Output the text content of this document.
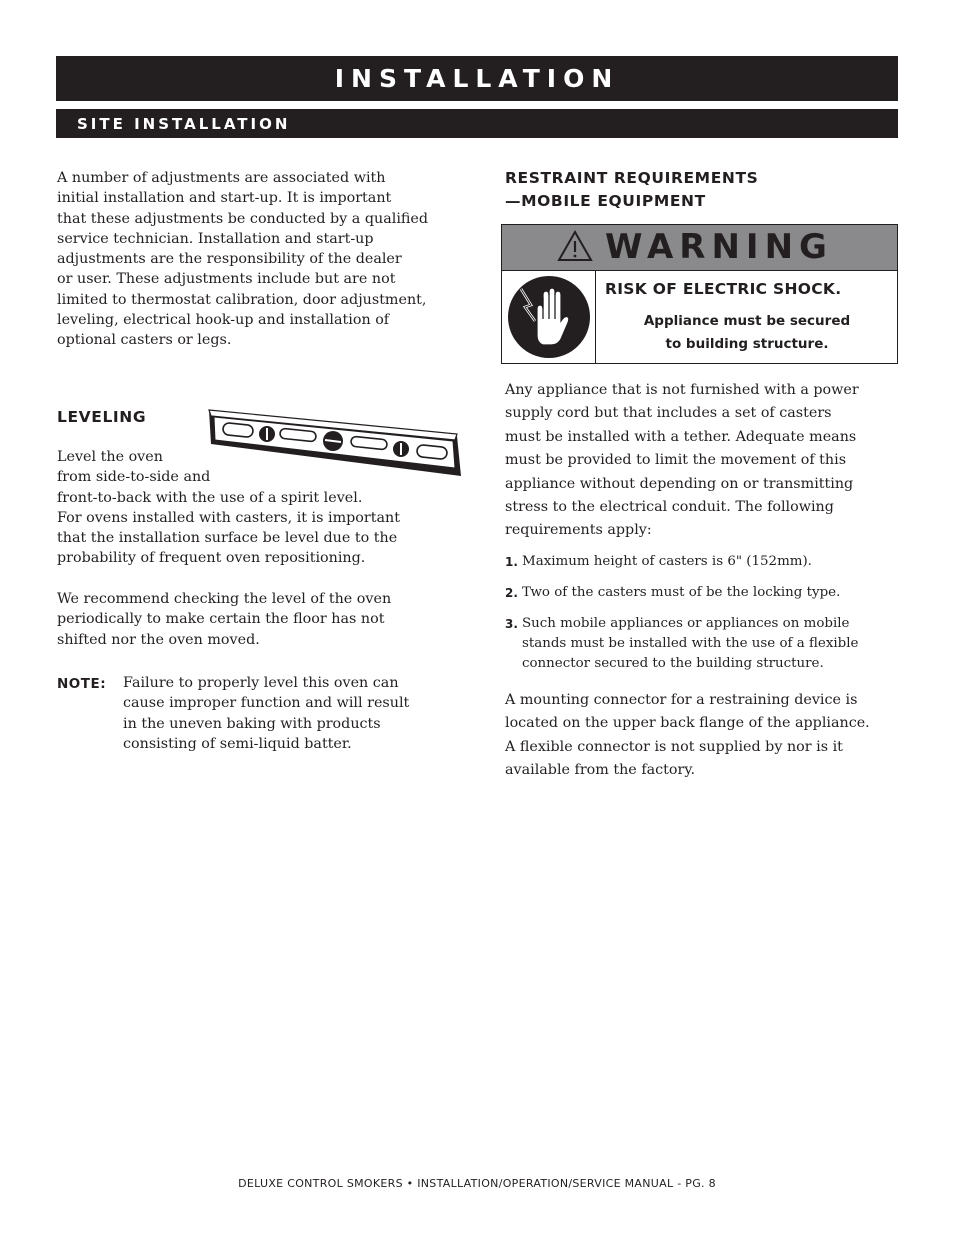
INSTALLATION
SITE INSTALLATION

A number of adjustments are associated with
initial installation and start-up. It is important
that these adjustments be conducted by a qualified
service technician. Installation and start-up
adjustments are the responsibility of the dealer
or user. These adjustments include but are not
limited to thermostat calibration, door adjustment,
leveling, electrical hook-up and installation of
optional casters or legs.

LEVELING

Level the oven
from side-to-side and
front-to-back with the use of a spirit level.
For ovens installed with casters, it is important
that the installation surface be level due to the
probability of frequent oven repositioning.

We recommend checking the level of the oven
periodically to make certain the floor has not
shifted nor the oven moved.

NOTE: Failure to properly level this oven can
cause improper function and will result
in the uneven baking with products
consisting of semi-liquid batter.

RESTRAINT REQUIREMENTS
—MOBILE EQUIPMENT
WARNING
RISK OF ELECTRIC SHOCK.
Appliance must be secured
to building structure.

Any appliance that is not furnished with a power
supply cord but that includes a set of casters
must be installed with a tether. Adequate means
must be provided to limit the movement of this
appliance without depending on or transmitting
stress to the electrical conduit. The following
requirements apply:

1. Maximum height of casters is 6" (152mm).
2. Two of the casters must of be the locking type.
3. Such mobile appliances or appliances on mobile
stands must be installed with the use of a flexible
connector secured to the building structure.

A mounting connector for a restraining device is
located on the upper back flange of the appliance.
A flexible connector is not supplied by nor is it
available from the factory.

DELUXE CONTROL SMOKERS • INSTALLATION/OPERATION/SERVICE MANUAL - PG. 8
